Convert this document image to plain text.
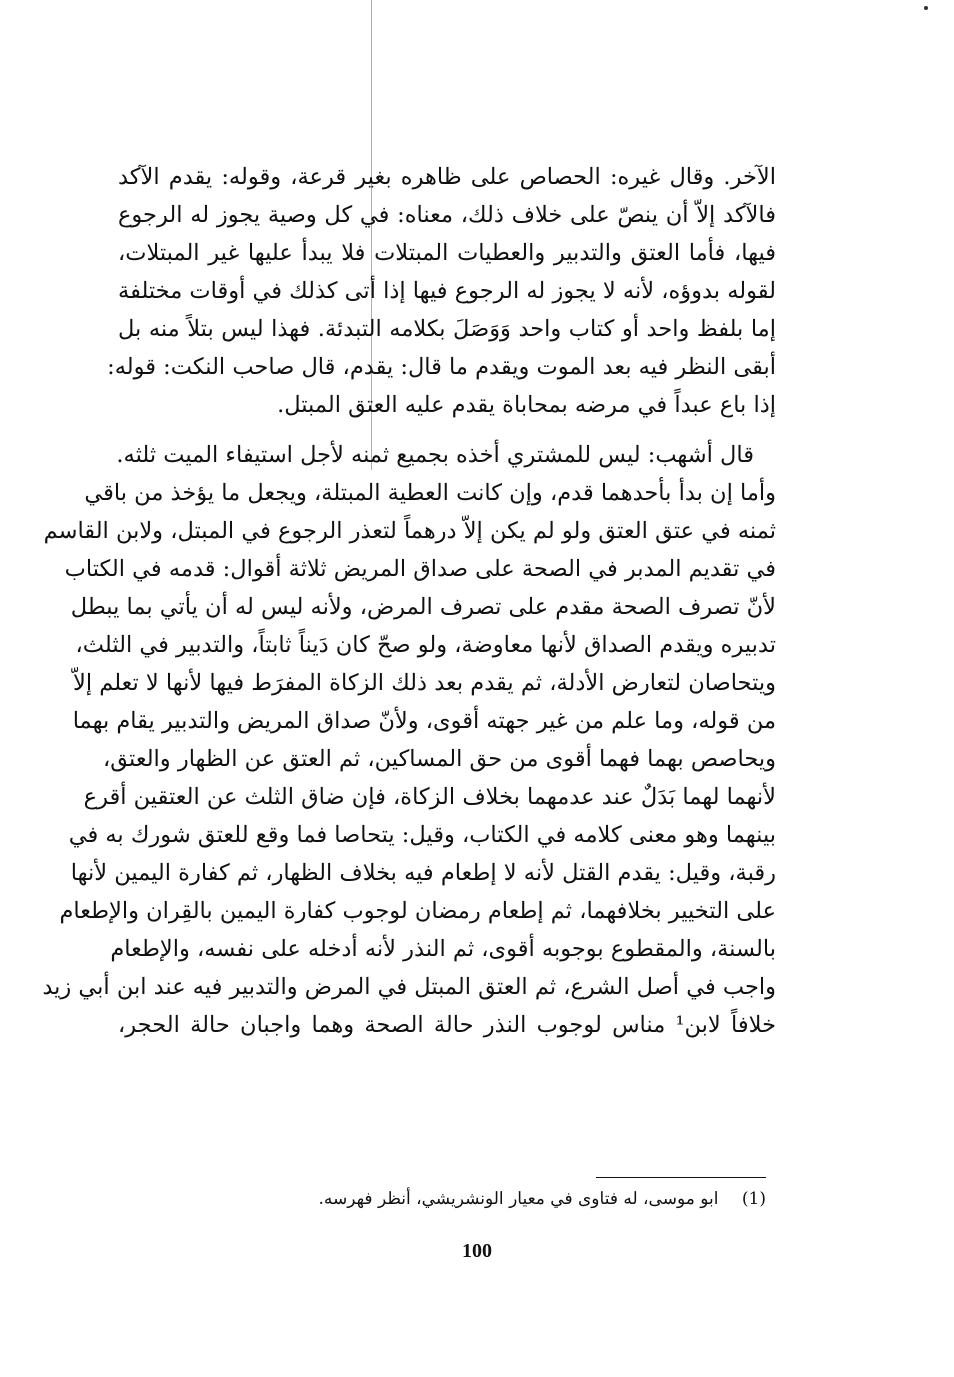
الآخر. وقال غيره: الحصاص على ظاهره بغير قرعة، وقوله: يقدم الآكد
فالآكد إلاّ أن ينصّ على خلاف ذلك، معناه: في كل وصية يجوز له الرجوع
فيها، فأما العتق والتدبير والعطيات المبتلات فلا يبدأ عليها غير المبتلات،
لقوله بدوؤه، لأنه لا يجوز له الرجوع فيها إذا أتى كذلك في أوقات مختلفة
إما بلفظ واحد أو كتاب واحد وَوَصَلَ بكلامه التبدئة. فهذا ليس بتلاً منه بل
أبقى النظر فيه بعد الموت ويقدم ما قال: يقدم، قال صاحب النكت: قوله:
إذا باع عبداً في مرضه بمحاباة يقدم عليه العتق المبتل.
قال أشهب: ليس للمشتري أخذه بجميع ثمنه لأجل استيفاء الميت ثلثه.
وأما إن بدأ بأحدهما قدم، وإن كانت العطية المبتلة، ويجعل ما يؤخذ من باقي
ثمنه في عتق العتق ولو لم يكن إلاّ درهماً لتعذر الرجوع في المبتل، ولابن القاسم
في تقديم المدبر في الصحة على صداق المريض ثلاثة أقوال: قدمه في الكتاب
لأنّ تصرف الصحة مقدم على تصرف المرض، ولأنه ليس له أن يأتي بما يبطل
تدبيره ويقدم الصداق لأنها معاوضة، ولو صحّ كان دَيناً ثابتاً، والتدبير في الثلث،
ويتحاصان لتعارض الأدلة، ثم يقدم بعد ذلك الزكاة المفرَط فيها لأنها لا تعلم إلاّ
من قوله، وما علم من غير جهته أقوى، ولأنّ صداق المريض والتدبير يقام بهما
ويحاصص بهما فهما أقوى من حق المساكين، ثم العتق عن الظهار والعتق،
لأنهما لهما بَدَلٌ عند عدمهما بخلاف الزكاة، فإن ضاق الثلث عن العتقين أقرع
بينهما وهو معنى كلامه في الكتاب، وقيل: يتحاصا فما وقع للعتق شورك به في
رقبة، وقيل: يقدم القتل لأنه لا إطعام فيه بخلاف الظهار، ثم كفارة اليمين لأنها
على التخيير بخلافهما، ثم إطعام رمضان لوجوب كفارة اليمين بالقِران والإطعام
بالسنة، والمقطوع بوجوبه أقوى، ثم النذر لأنه أدخله على نفسه، والإطعام
واجب في أصل الشرع، ثم العتق المبتل في المرض والتدبير فيه عند ابن أبي زيد
خلافاً لابن¹ مناس لوجوب النذر حالة الصحة وهما واجبان حالة الحجر،
(1) ابو موسى، له فتاوى في معيار الونشريشي، أنظر فهرسه.
100
